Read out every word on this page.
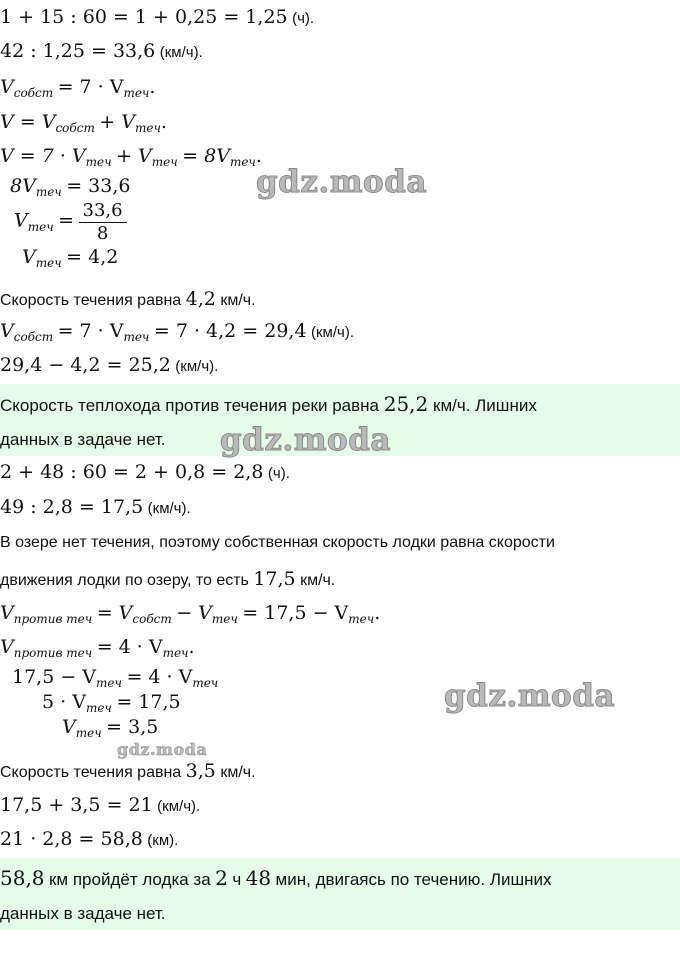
1 + 15 : 60 = 1 + 0,25 = 1,25 (ч).
42 : 1,25 = 33,6 (км/ч).
$V_{собст} = 7 \cdot V_{теч}$.
$V = V_{собст} + V_{теч}$.
$V = 7 \cdot V_{теч} + V_{теч} = 8V_{теч}$.
$8V_{теч} = 33,6$
$V_{теч} = \frac{33,6}{8}$
$V_{теч} = 4,2$
Скорость течения равна 4,2 км/ч.
$V_{собст} = 7 \cdot V_{теч} = 7 \cdot 4,2 = 29,4$ (км/ч).
29,4 − 4,2 = 25,2 (км/ч).
Скорость теплохода против течения реки равна 25,2 км/ч. Лишних
данных в задаче нет.
2 + 48 : 60 = 2 + 0,8 = 2,8 (ч).
49 : 2,8 = 17,5 (км/ч).
В озере нет течения, поэтому собственная скорость лодки равна скорости
движения лодки по озеру, то есть 17,5 км/ч.
$V_{против теч} = V_{собст} - V_{теч} = 17,5 - V_{теч}$.
$V_{против теч} = 4 \cdot V_{теч}$.
$17,5 - V_{теч} = 4 \cdot V_{теч}$
$5 \cdot V_{теч} = 17,5$
$V_{теч} = 3,5$
Скорость течения равна 3,5 км/ч.
17,5 + 3,5 = 21 (км/ч).
21 · 2,8 = 58,8 (км).
58,8 км пройдёт лодка за 2 ч 48 мин, двигаясь по течению. Лишних
данных в задаче нет.
gdz.moda
gdz.moda
gdz.moda
gdz.moda
